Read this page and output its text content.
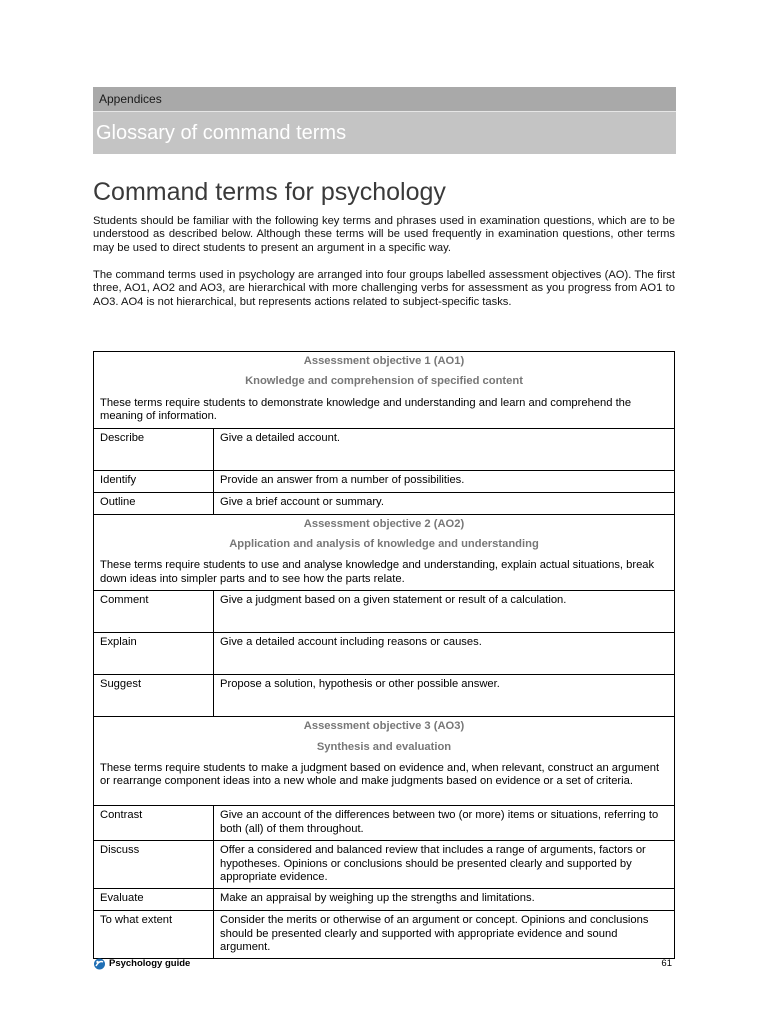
Appendices
Glossary of command terms
Command terms for psychology

Students should be familiar with the following key terms and phrases used in examination questions, which are to be understood as described below. Although these terms will be used frequently in examination questions, other terms may be used to direct students to present an argument in a specific way.

The command terms used in psychology are arranged into four groups labelled assessment objectives (AO). The first three, AO1, AO2 and AO3, are hierarchical with more challenging verbs for assessment as you progress from AO1 to AO3. AO4 is not hierarchical, but represents actions related to subject-specific tasks.

Assessment objective 1 (AO1)
Knowledge and comprehension of specified content
These terms require students to demonstrate knowledge and understanding and learn and comprehend the meaning of information.	

Describe	Give a detailed account.
Identify	Provide an answer from a number of possibilities.
Outline	Give a brief account or summary.

Assessment objective 2 (AO2)
Application and analysis of knowledge and understanding
These terms require students to use and analyse knowledge and understanding, explain actual situations, break down ideas into simpler parts and to see how the parts relate.	

Comment	Give a judgment based on a given statement or result of a calculation.
Explain	Give a detailed account including reasons or causes.
Suggest	Propose a solution, hypothesis or other possible answer.

Assessment objective 3 (AO3)
Synthesis and evaluation
These terms require students to make a judgment based on evidence and, when relevant, construct an argument or rearrange component ideas into a new whole and make judgments based on evidence or a set of criteria.	

Contrast	Give an account of the differences between two (or more) items or situations, referring to both (all) of them throughout.
Discuss	Offer a considered and balanced review that includes a range of arguments, factors or hypotheses. Opinions or conclusions should be presented clearly and supported by appropriate evidence.
Evaluate	Make an appraisal by weighing up the strengths and limitations.
To what extent	Consider the merits or otherwise of an argument or concept. Opinions and conclusions should be presented clearly and supported with appropriate evidence and sound argument.
Psychology guide	61
